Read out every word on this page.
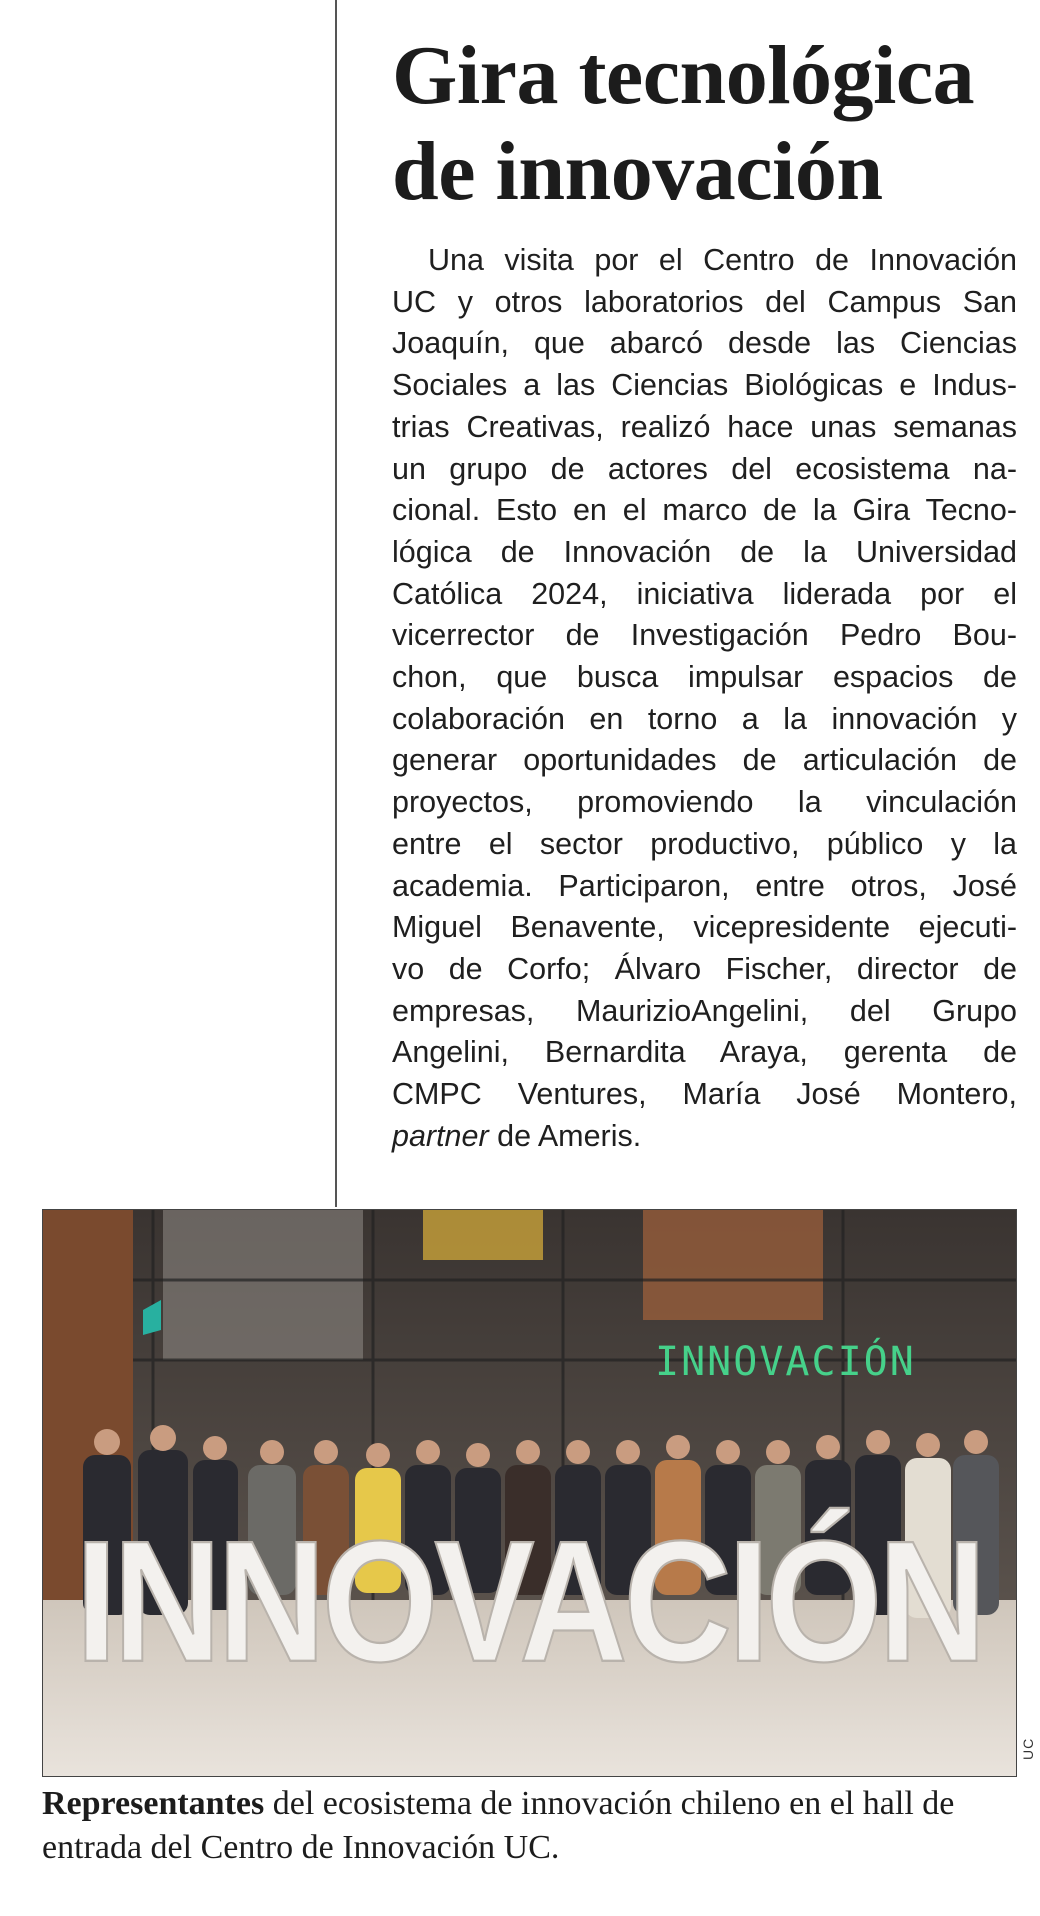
Gira tecnológica
de innovación
Una visita por el Centro de Innovación
UC y otros laboratorios del Campus San
Joaquín, que abarcó desde las Ciencias
Sociales a las Ciencias Biológicas e Indus-
trias Creativas, realizó hace unas semanas
un grupo de actores del ecosistema na-
cional. Esto en el marco de la Gira Tecno-
lógica de Innovación de la Universidad
Católica 2024, iniciativa liderada por el
vicerrector de Investigación Pedro Bou-
chon, que busca impulsar espacios de
colaboración en torno a la innovación y
generar oportunidades de articulación de
proyectos, promoviendo la vinculación
entre el sector productivo, público y la
academia. Participaron, entre otros, José
Miguel Benavente, vicepresidente ejecuti-
vo de Corfo; Álvaro Fischer, director de
empresas, MaurizioAngelini, del Grupo
Angelini, Bernardita Araya, gerenta de
CMPC Ventures, María José Montero,
partner de Ameris.
INNOVACIÓN
INNOVACIÓN
UC

Representantes del ecosistema de innovación chileno en el hall de entrada del Centro de Innovación UC.
